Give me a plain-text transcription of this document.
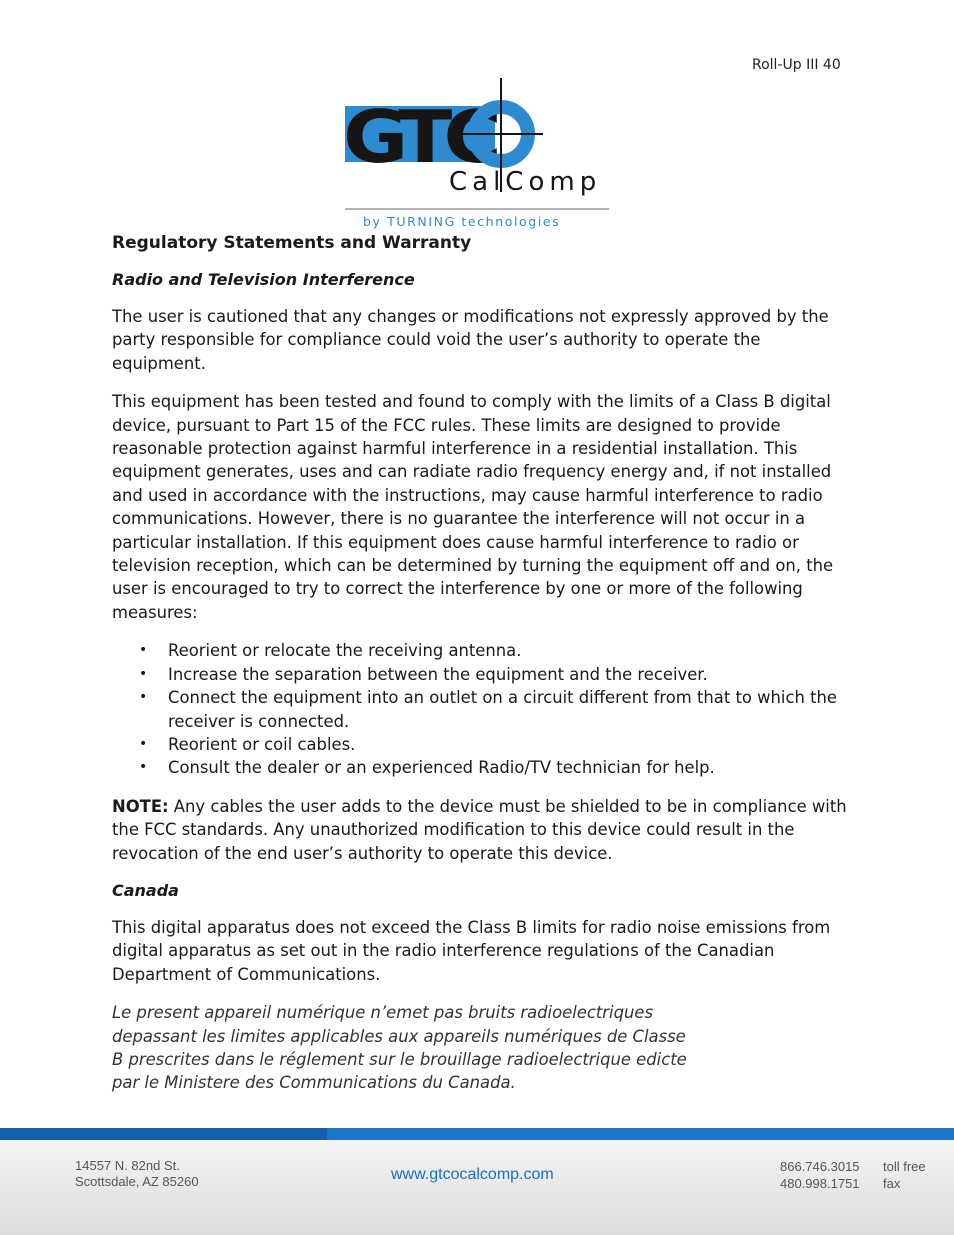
Roll-Up III 40
GTC
CalComp
by TURNING technologies
Regulatory Statements and Warranty
Radio and Television Interference

The user is cautioned that any changes or modifications not expressly approved by the party responsible for compliance could void the user’s authority to operate the equipment.

This equipment has been tested and found to comply with the limits of a Class B digital device, pursuant to Part 15 of the FCC rules. These limits are designed to provide reasonable protection against harmful interference in a residential installation. This equipment generates, uses and can radiate radio frequency energy and, if not installed and used in accordance with the instructions, may cause harmful interference to radio communications. However, there is no guarantee the interference will not occur in a particular installation. If this equipment does cause harmful interference to radio or television reception, which can be determined by turning the equipment off and on, the user is encouraged to try to correct the interference by one or more of the following measures:

• Reorient or relocate the receiving antenna.
• Increase the separation between the equipment and the receiver.
• Connect the equipment into an outlet on a circuit different from that to which the receiver is connected.
• Reorient or coil cables.
• Consult the dealer or an experienced Radio/TV technician for help.

NOTE: Any cables the user adds to the device must be shielded to be in compliance with the FCC standards. Any unauthorized modification to this device could result in the revocation of the end user’s authority to operate this device.

Canada

This digital apparatus does not exceed the Class B limits for radio noise emissions from digital apparatus as set out in the radio interference regulations of the Canadian Department of Communications.

Le present appareil numérique n’emet pas bruits radioelectriques depassant les limites applicables aux appareils numériques de Classe B prescrites dans le réglement sur le brouillage radioelectrique edicte par le Ministere des Communications du Canada.

14557 N. 82nd St.
Scottsdale, AZ 85260	www.gtcocalcomp.com	866.746.3015	toll free
480.998.1751	fax
